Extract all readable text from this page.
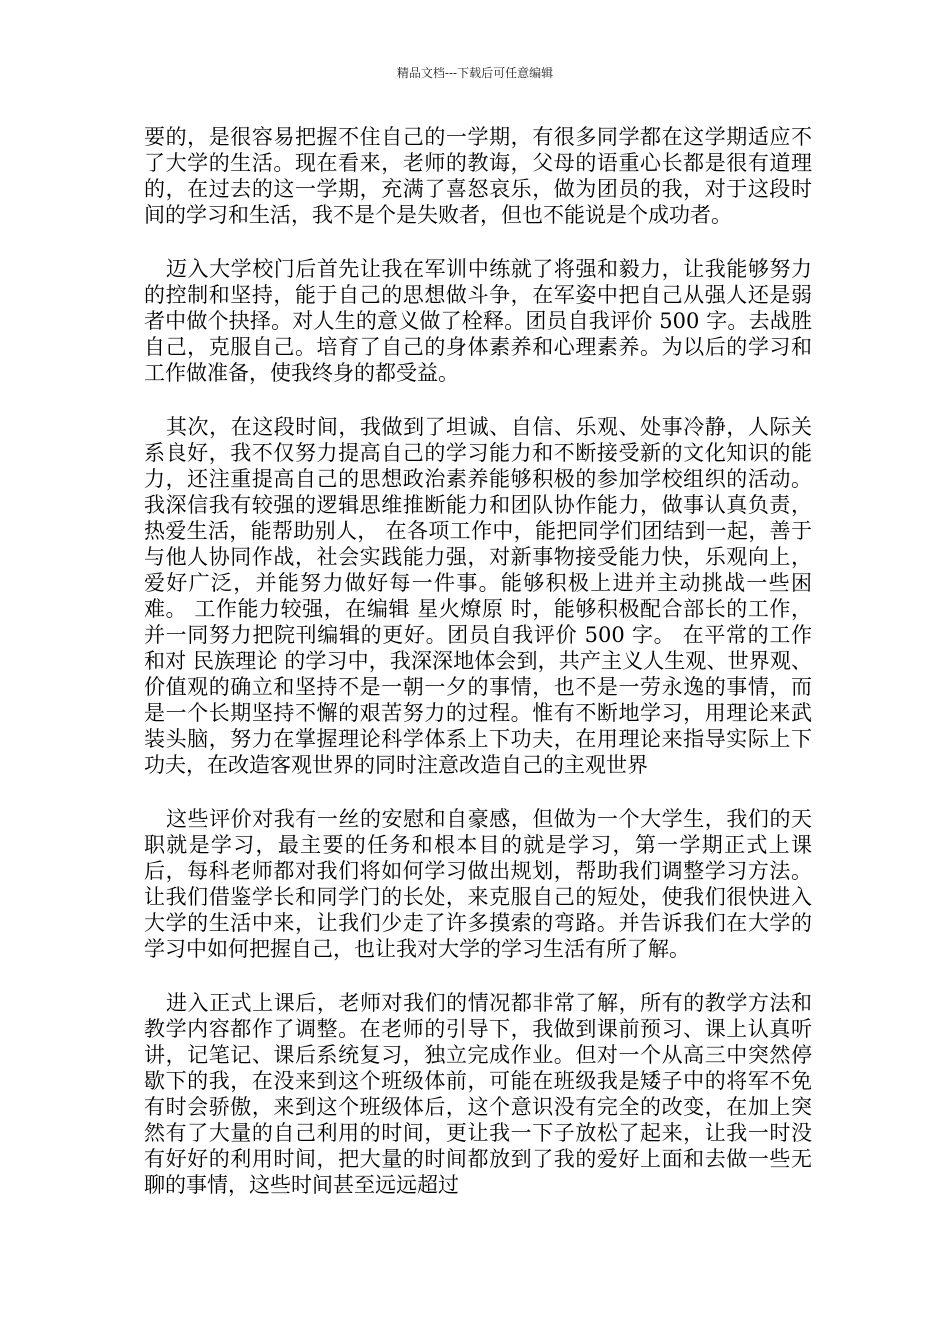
精品文档---下载后可任意编辑

要的，是很容易把握不住自己的一学期，有很多同学都在这学期适应不了大学的生活。现在看来，老师的教诲，父母的语重心长都是很有道理的，在过去的这一学期，充满了喜怒哀乐，做为团员的我，对于这段时间的学习和生活，我不是个是失败者，但也不能说是个成功者。

迈入大学校门后首先让我在军训中练就了将强和毅力，让我能够努力的控制和坚持，能于自己的思想做斗争，在军姿中把自己从强人还是弱者中做个抉择。对人生的意义做了栓释。团员自我评价 500 字。去战胜自己，克服自己。培育了自己的身体素养和心理素养。为以后的学习和工作做准备，使我终身的都受益。

其次，在这段时间，我做到了坦诚、自信、乐观、处事冷静，人际关系良好，我不仅努力提高自己的学习能力和不断接受新的文化知识的能力，还注重提高自己的思想政治素养能够积极的参加学校组织的活动。我深信我有较强的逻辑思维推断能力和团队协作能力，做事认真负责，热爱生活，能帮助别人， 在各项工作中，能把同学们团结到一起，善于与他人协同作战，社会实践能力强，对新事物接受能力快，乐观向上，爱好广泛，并能努力做好每一件事。能够积极上进并主动挑战一些困难。 工作能力较强，在编辑 星火燎原 时，能够积极配合部长的工作，并一同努力把院刊编辑的更好。团员自我评价 500 字。 在平常的工作和对 民族理论 的学习中，我深深地体会到，共产主义人生观、世界观、价值观的确立和坚持不是一朝一夕的事情，也不是一劳永逸的事情，而是一个长期坚持不懈的艰苦努力的过程。惟有不断地学习，用理论来武装头脑，努力在掌握理论科学体系上下功夫，在用理论来指导实际上下功夫，在改造客观世界的同时注意改造自己的主观世界

这些评价对我有一丝的安慰和自豪感，但做为一个大学生，我们的天职就是学习，最主要的任务和根本目的就是学习，第一学期正式上课后，每科老师都对我们将如何学习做出规划，帮助我们调整学习方法。让我们借鉴学长和同学门的长处，来克服自己的短处，使我们很快进入大学的生活中来，让我们少走了许多摸索的弯路。并告诉我们在大学的学习中如何把握自己，也让我对大学的学习生活有所了解。

进入正式上课后，老师对我们的情况都非常了解，所有的教学方法和教学内容都作了调整。在老师的引导下，我做到课前预习、课上认真听讲，记笔记、课后系统复习，独立完成作业。但对一个从高三中突然停歇下的我，在没来到这个班级体前，可能在班级我是矮子中的将军不免有时会骄傲，来到这个班级体后，这个意识没有完全的改变，在加上突然有了大量的自己利用的时间，更让我一下子放松了起来，让我一时没有好好的利用时间，把大量的时间都放到了我的爱好上面和去做一些无聊的事情，这些时间甚至远远超过
